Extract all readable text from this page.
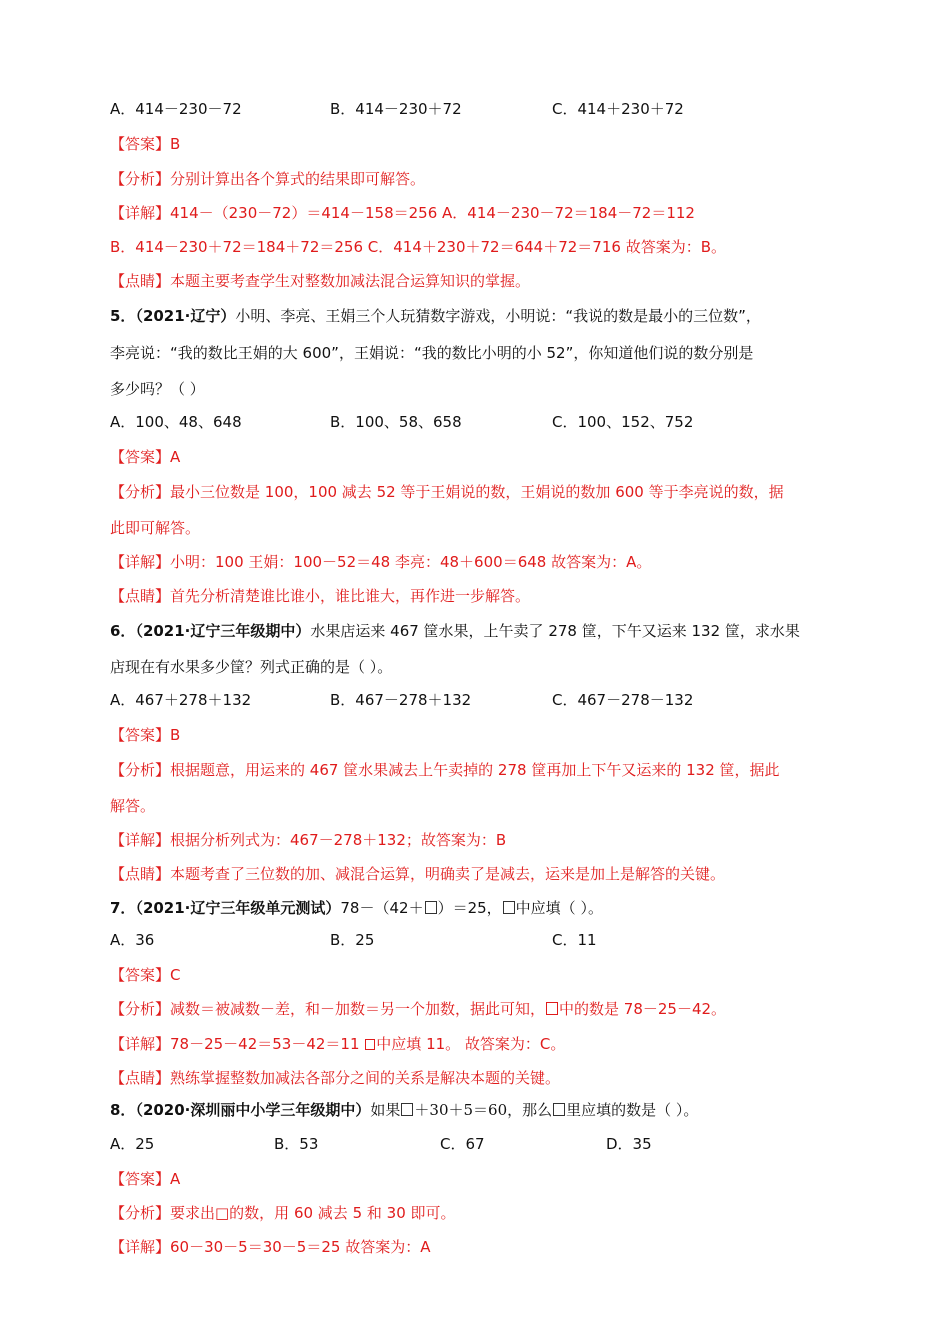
A．414－230－72	B．414－230＋72	C．414＋230＋72
【答案】B
【分析】分别计算出各个算式的结果即可解答。
【详解】414－（230－72）＝414－158＝256 A．414－230－72＝184－72＝112
B．414－230＋72＝184＋72＝256 C．414＋230＋72＝644＋72＝716 故答案为：B。
【点睛】本题主要考查学生对整数加减法混合运算知识的掌握。
5．（2021·辽宁）小明、李亮、王娟三个人玩猜数字游戏，小明说：“我说的数是最小的三位数”，
李亮说：“我的数比王娟的大 600”，王娟说：“我的数比小明的小 52”，你知道他们说的数分别是
多少吗？（ ）
A．100、48、648	B．100、58、658	C．100、152、752
【答案】A
【分析】最小三位数是 100，100 减去 52 等于王娟说的数，王娟说的数加 600 等于李亮说的数，据
此即可解答。
【详解】小明：100 王娟：100－52＝48 李亮：48＋600＝648 故答案为：A。
【点睛】首先分析清楚谁比谁小，谁比谁大，再作进一步解答。
6．（2021·辽宁三年级期中）水果店运来 467 筐水果，上午卖了 278 筐，下午又运来 132 筐，求水果
店现在有水果多少筐？列式正确的是（ ）。
A．467＋278＋132	B．467－278＋132	C．467－278－132
【答案】B
【分析】根据题意，用运来的 467 筐水果减去上午卖掉的 278 筐再加上下午又运来的 132 筐，据此
解答。
【详解】根据分析列式为：467－278＋132；故答案为：B
【点睛】本题考查了三位数的加、减混合运算，明确卖了是减去，运来是加上是解答的关键。
7．（2021·辽宁三年级单元测试）78－（42＋ ）＝25， 中应填（ ）。
A．36	B．25	C．11
【答案】C
【分析】减数＝被减数－差，和－加数＝另一个加数，据此可知， 中的数是 78－25－42。
【详解】78－25－42＝53－42＝11 中应填 11。 故答案为：C。
【点睛】熟练掌握整数加减法各部分之间的关系是解决本题的关键。
8．（2020·深圳丽中小学三年级期中）如果 ＋30＋5＝60，那么 里应填的数是（ ）。
A．25	B．53	C．67	D．35
【答案】A
【分析】要求出□的数，用 60 减去 5 和 30 即可。
【详解】60－30－5＝30－5＝25 故答案为：A
